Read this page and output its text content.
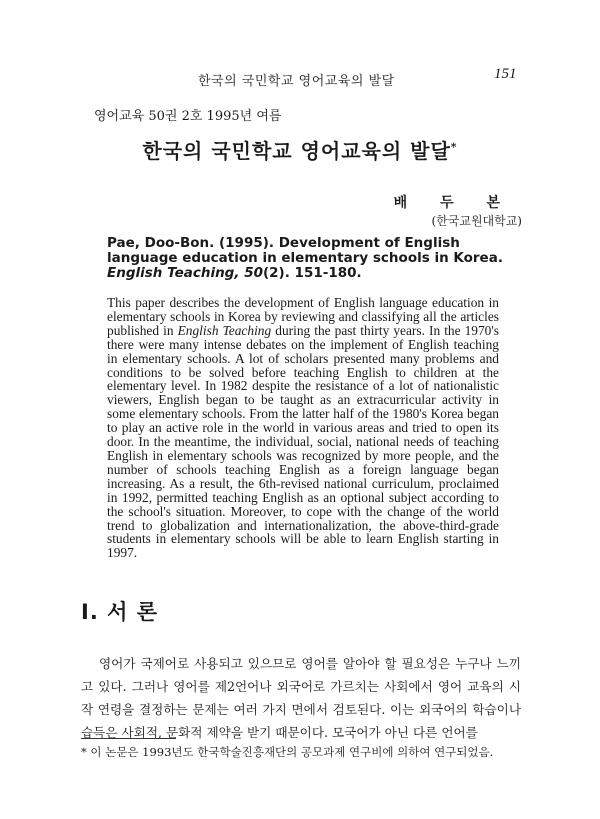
한국의 국민학교 영어교육의 발달	151
영어교육 50권 2호 1995년 여름
한국의 국민학교 영어교육의 발달*
배 두 본
(한국교원대학교)
Pae, Doo-Bon. (1995). Development of English language education in elementary schools in Korea. English Teaching, 50(2). 151-180.

This paper describes the development of English language education in elementary schools in Korea by reviewing and classifying all the articles published in English Teaching during the past thirty years. In the 1970's there were many intense debates on the implement of English teaching in elementary schools. A lot of scholars presented many problems and conditions to be solved before teaching English to children at the elementary level. In 1982 despite the resistance of a lot of nationalistic viewers, English began to be taught as an extracurricular activity in some elementary schools. From the latter half of the 1980's Korea began to play an active role in the world in various areas and tried to open its door. In the meantime, the individual, social, national needs of teaching English in elementary schools was recognized by more people, and the number of schools teaching English as a foreign language began increasing. As a result, the 6th-revised national curriculum, proclaimed in 1992, permitted teaching English as an optional subject according to the school's situation. Moreover, to cope with the change of the world trend to globalization and internationalization, the above-third-grade students in elementary schools will be able to learn English starting in 1997.

I. 서 론

영어가 국제어로 사용되고 있으므로 영어를 알아야 할 필요성은 누구나 느끼고 있다. 그러나 영어를 제2언어나 외국어로 가르치는 사회에서 영어 교육의 시작 연령을 결정하는 문제는 여러 가지 면에서 검토된다. 이는 외국어의 학습이나 습득은 사회적, 문화적 제약을 받기 때문이다. 모국어가 아닌 다른 언어를

* 이 논문은 1993년도 한국학술진흥재단의 공모과제 연구비에 의하여 연구되었음.
